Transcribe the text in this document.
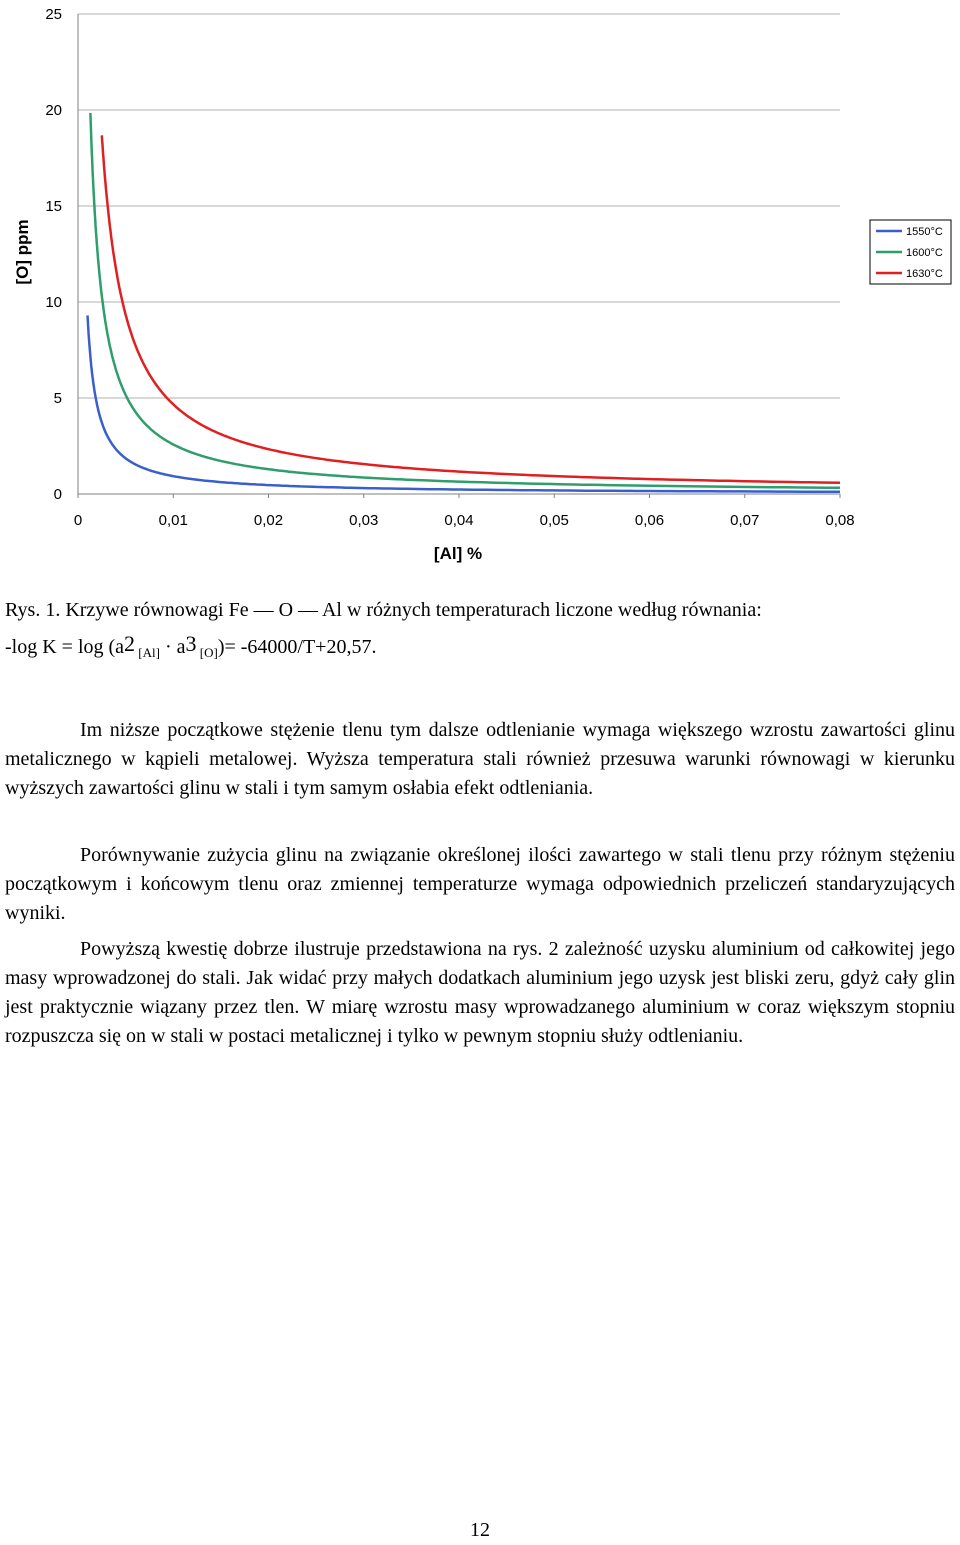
0
5
10
15
20
25
0	0,01	0,02	0,03	0,04	0,05	0,06	0,07	0,08
[O] ppm
[Al] %
1550°C
1600°C
1630°C
Rys. 1. Krzywe równowagi Fe — O — Al w różnych temperaturach liczone według równania:
-log $K = \log (a^2$ $_{[Al]} \cdot a^3$ $_{[O]}$)= -64000/T+20,57.

Im niższe początkowe stężenie tlenu tym dalsze odtlenianie wymaga większego wzrostu zawartości glinu metalicznego w kąpieli metalowej. Wyższa temperatura stali również przesuwa warunki równowagi w kierunku wyższych zawartości glinu w stali i tym samym osłabia efekt odtleniania.

Porównywanie zużycia glinu na związanie określonej ilości zawartego w stali tlenu przy różnym stężeniu początkowym i końcowym tlenu oraz zmiennej temperaturze wymaga odpowiednich przeliczeń standaryzujących wyniki.

Powyższą kwestię dobrze ilustruje przedstawiona na rys. 2 zależność uzysku aluminium od całkowitej jego masy wprowadzonej do stali. Jak widać przy małych dodatkach aluminium jego uzysk jest bliski zeru, gdyż cały glin jest praktycznie wiązany przez tlen. W miarę wzrostu masy wprowadzanego aluminium w coraz większym stopniu rozpuszcza się on w stali w postaci metalicznej i tylko w pewnym stopniu służy odtlenianiu.

12
